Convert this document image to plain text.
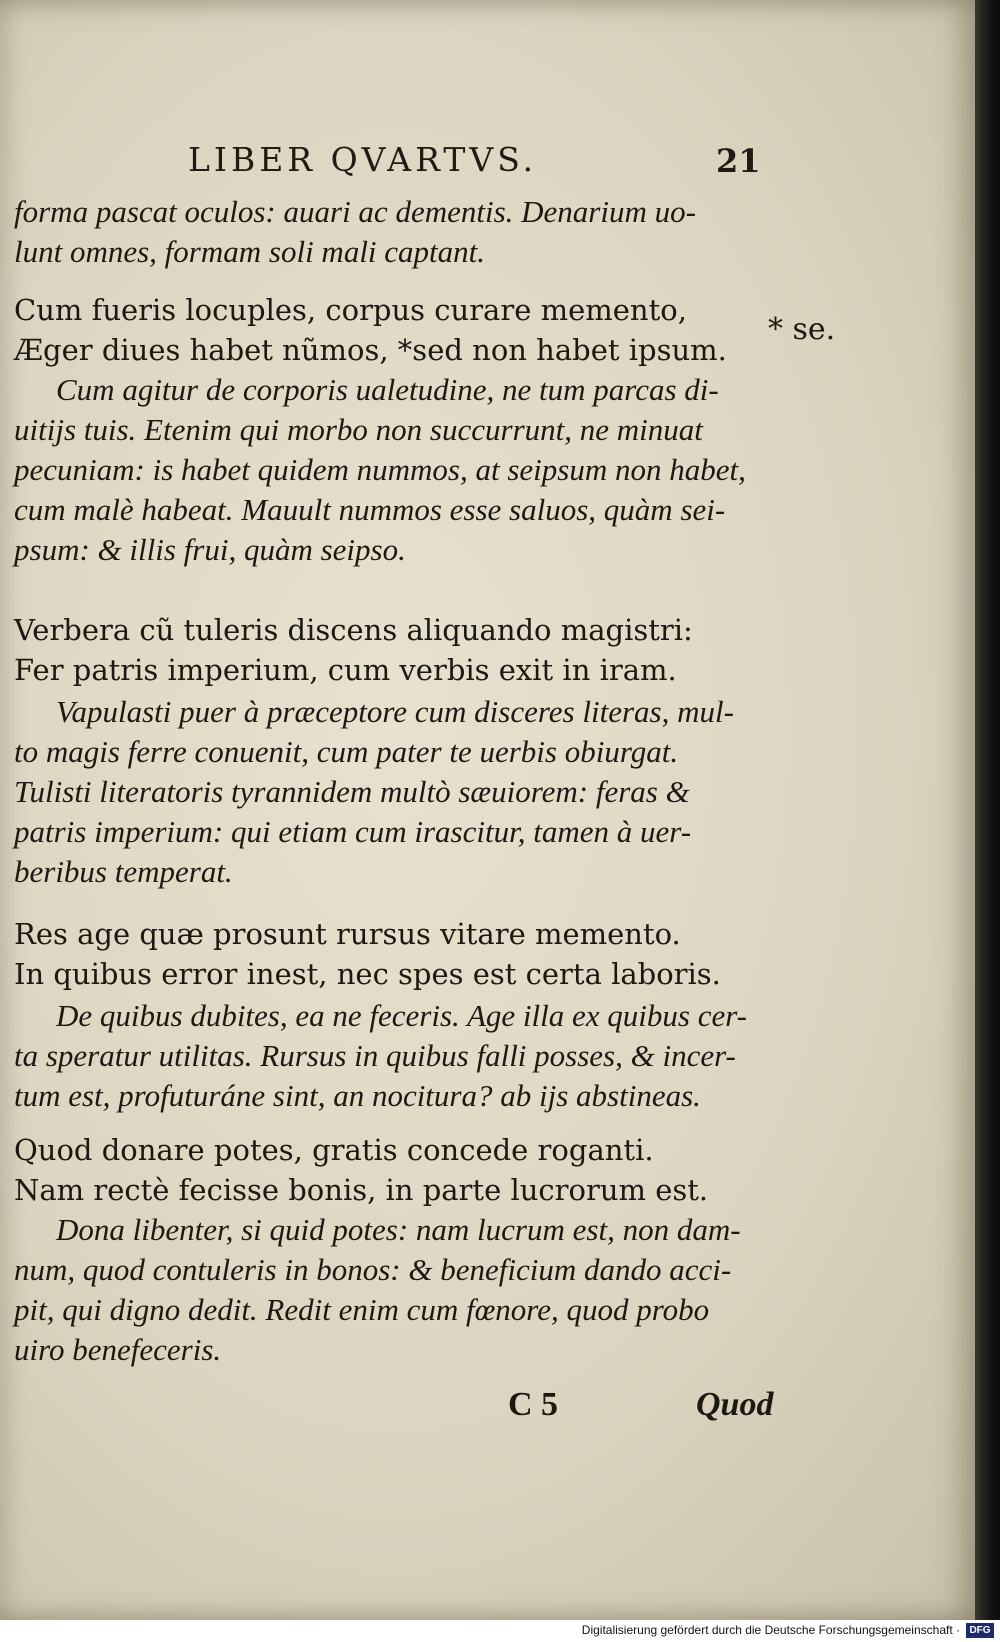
LIBER QVARTVS.	21
* se.
forma pascat oculos: auari ac dementis. Denarium uo-
lunt omnes, formam soli mali captant.
Cum fueris locuples, corpus curare memento,
Æger diues habet nũmos, *sed non habet ipsum.
Cum agitur de corporis ualetudine, ne tum parcas di-
uitijs tuis. Etenim qui morbo non succurrunt, ne minuat
pecuniam: is habet quidem nummos, at seipsum non habet,
cum malè habeat. Mauult nummos esse saluos, quàm sei-
psum: & illis frui, quàm seipso.
Verbera cũ tuleris discens aliquando magistri:
Fer patris imperium, cum verbis exit in iram.
Vapulasti puer à præceptore cum disceres literas, mul-
to magis ferre conuenit, cum pater te uerbis obiurgat.
Tulisti literatoris tyrannidem multò sæuiorem: feras &
patris imperium: qui etiam cum irascitur, tamen à uer-
beribus temperat.
Res age quæ prosunt rursus vitare memento.
In quibus error inest, nec spes est certa laboris.
De quibus dubites, ea ne feceris. Age illa ex quibus cer-
ta speratur utilitas. Rursus in quibus falli posses, & incer-
tum est, profuturáne sint, an nocitura? ab ijs abstineas.
Quod donare potes, gratis concede roganti.
Nam rectè fecisse bonis, in parte lucrorum est.
Dona libenter, si quid potes: nam lucrum est, non dam-
num, quod contuleris in bonos: & beneficium dando acci-
pit, qui digno dedit. Redit enim cum fœnore, quod probo
uiro benefeceris.
C 5	Quod
Digitalisierung gefördert durch die Deutsche Forschungsgemeinschaft · DFG
